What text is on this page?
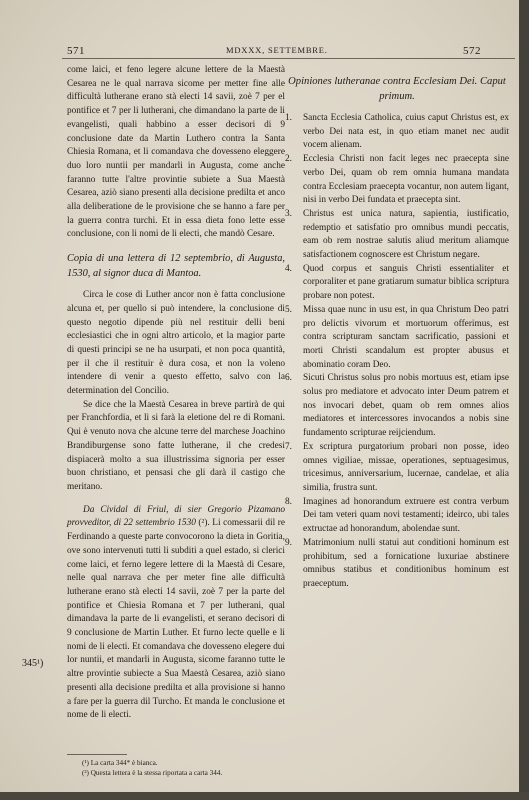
571	MDXXX, SETTEMBRE.	572

come laici, et feno legere alcune lettere de la Maestà Cesarea ne le qual narrava sicome per metter fine alle difficultà lutherane erano stà electi 14 savii, zoè 7 per el pontifice et 7 per li lutherani, che dimandano la parte de li evangelisti, quali habbino a esser decisori di 9 conclusione date da Martin Luthero contra la Santa Chiesia Romana, et li comandava che dovesseno eleggere duo loro nuntii per mandarli in Augusta, come anche faranno tutte l'altre provintie subiete a Sua Maestà Cesarea, aziò siano presenti alla decisione predilta et anco alla deliberatione de le provisione che se hanno a fare per la guerra contra turchi. Et in essa dieta fono lette esse conclusione, con li nomi de li electi, che mandò Cesare.

Copia di una lettera di 12 septembrio, di Augusta, 1530, al signor duca di Mantoa.

Circa le cose di Luther ancor non è fatta conclusione alcuna et, per quello si può intendere, la conclusione di questo negotio dipende più nel restituir delli beni ecclesiastici che in ogni altro articolo, et la magior parte di questi principi se ne ha usurpati, et non poca quantità, per il che il restituir è dura cosa, et non la voleno intendere di venir a questo effetto, salvo con la determination del Concilio.

Se dice che la Maestà Cesarea in breve partirà de qui per Franchfordia, et lì si farà la eletione del re di Romani. Qui è venuto nova che alcune terre del marchese Joachino Brandiburgense sono fatte lutherane, il che credesi dispiacerà molto a sua illustrissima signoria per esser buon christiano, et pensasi che gli darà il castigo che meritano.

Da Cividal di Friul, di sier Gregorio Pizamano provveditor, di 22 settembrio 1530 (²). Li comessarii dil re Ferdinando a queste parte convocorono la dieta in Goritia, ove sono intervenuti tutti li subditi a quel estado, si clerici come laici, et ferno legere lettere di la Maestà di Cesare, nelle qual narrava che per meter fine alle difficultà lutherane erano stà electi 14 savii, zoè 7 per la parte del pontifice et Chiesia Romana et 7 per lutherani, qual dimandava la parte de li evangelisti, et serano decisori di 9 conclusione de Martin Luther. Et furno lecte quelle e li nomi de li electi. Et comandava che dovesseno elegere dui lor nuntii, et mandarli in Augusta, sicome faranno tutte le altre provintie subiecte a Sua Maestà Cesarea, aziò siano presenti alla decisione predilta et alla provisione si hanno a fare per la guerra dil Turcho. Et manda le conclusione et nome de li electi.

345¹)

Opiniones lutheranae contra Ecclesiam Dei. Caput primum.

1. Sancta Ecclesia Catholica, cuius caput Christus est, ex verbo Dei nata est, in quo etiam manet nec audit vocem alienam.
2. Ecclesia Christi non facit leges nec praecepta sine verbo Dei, quam ob rem omnia humana mandata contra Ecclesiam praecepta vocantur, non autem ligant, nisi in verbo Dei fundata et praecepta sint.
3. Christus est unica natura, sapientia, iustificatio, redemptio et satisfatio pro omnibus mundi peccatis, eam ob rem nostrae salutis aliud meritum aliamque satisfactionem cognoscere est Christum negare.
4. Quod corpus et sanguis Christi essentialiter et corporaliter et pane gratiarum sumatur biblica scriptura probare non potest.
5. Missa quae nunc in usu est, in qua Christum Deo patri pro delictis vivorum et mortuorum offerimus, est contra scripturam sanctam sacrificatio, passioni et morti Christi scandalum est propter abusus et abominatio coram Deo.
6. Sicuti Christus solus pro nobis mortuus est, etiam ipse solus pro mediatore et advocato inter Deum patrem et nos invocari debet, quam ob rem omnes alios mediatores et intercessores invocandos a nobis sine fundamento scripturae reijciendum.
7. Ex scriptura purgatorium probari non posse, ideo omnes vigiliae, missae, operationes, septuagesimus, tricesimus, anniversarium, lucernae, candelae, et alia similia, frustra sunt.
8. Imagines ad honorandum extruere est contra verbum Dei tam veteri quam novi testamenti; ideirco, ubi tales extructae ad honorandum, abolendae sunt.
9. Matrimonium nulli statui aut conditioni hominum est prohibitum, sed a fornicatione luxuriae abstinere omnibus statibus et conditionibus hominum est praeceptum.
(¹) La carta 344* è bianca.
(²) Questa lettera è la stessa riportata a carta 344.
